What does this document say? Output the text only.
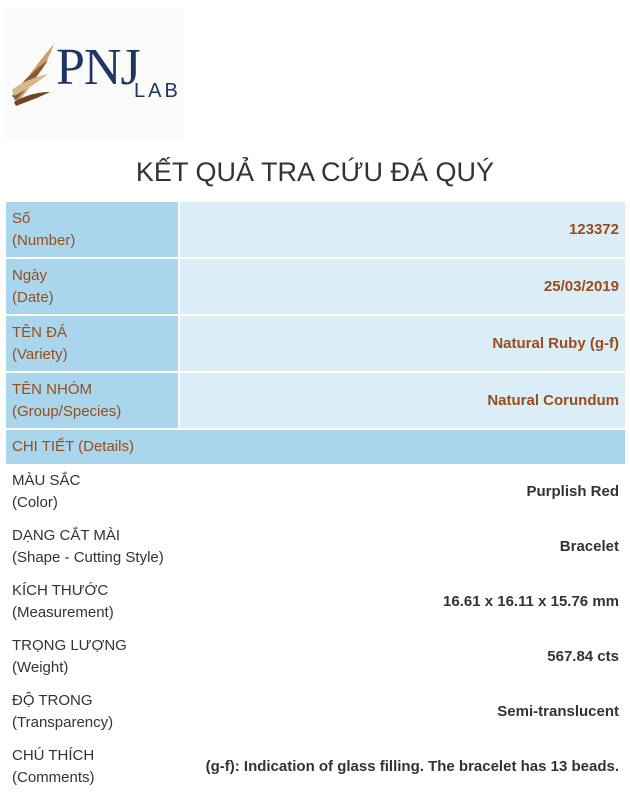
PNJ
LAB
KẾT QUẢ TRA CỨU ĐÁ QUÝ
Số
(Number)	123372
Ngày
(Date)	25/03/2019
TÊN ĐÁ
(Variety)	Natural Ruby (g-f)
TÊN NHÓM
(Group/Species)	Natural Corundum
CHI TIẾT (Details)	
MÀU SẮC
(Color)	Purplish Red
DẠNG CẮT MÀI
(Shape - Cutting Style)	Bracelet
KÍCH THƯỚC
(Measurement)	16.61 x 16.11 x 15.76 mm
TRỌNG LƯỢNG
(Weight)	567.84 cts
ĐỘ TRONG
(Transparency)	Semi-translucent
CHÚ THÍCH
(Comments)	(g-f): Indication of glass filling. The bracelet has 13 beads.
